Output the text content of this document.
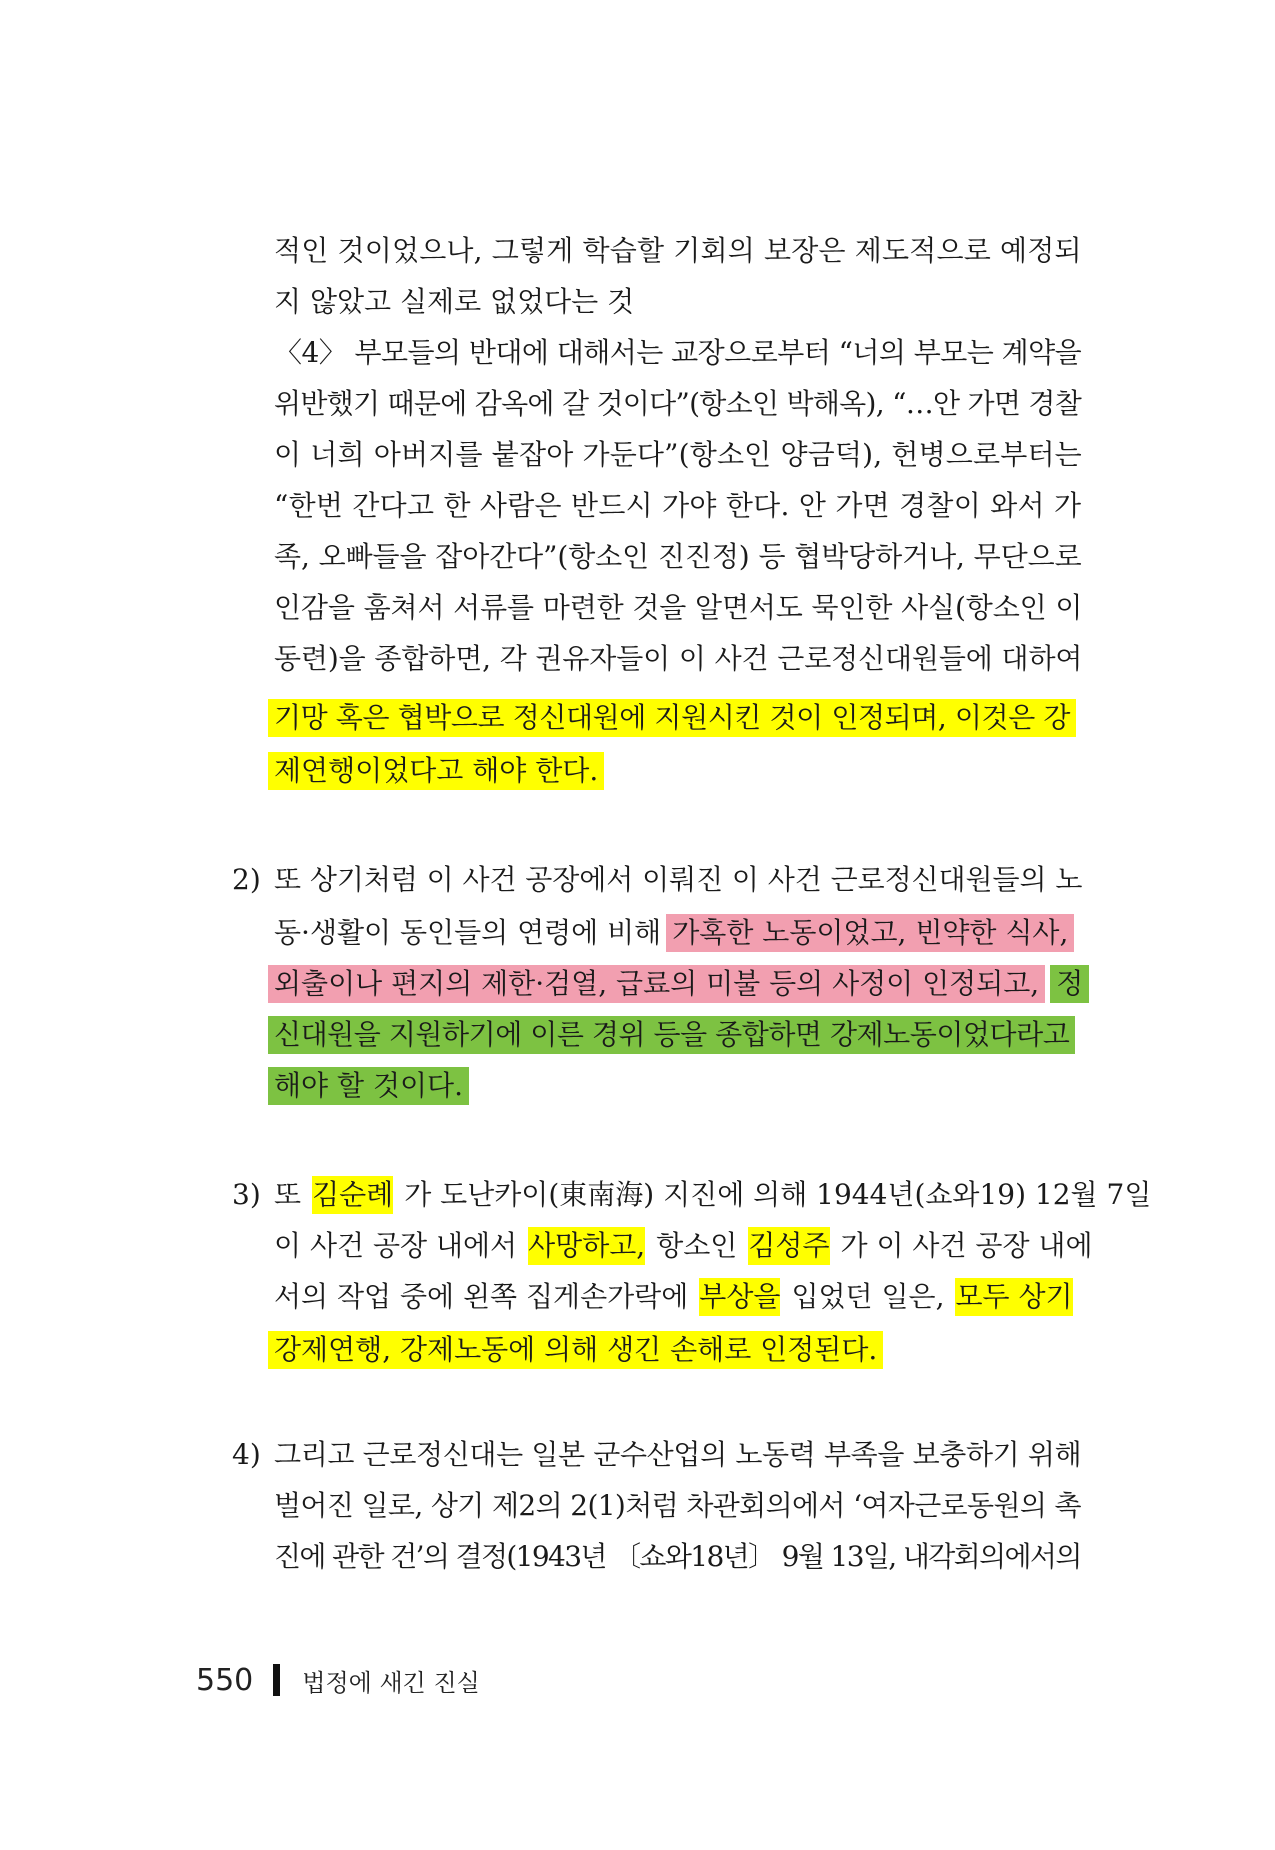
적인 것이었으나, 그렇게 학습할 기회의 보장은 제도적으로 예정되
지 않았고 실제로 없었다는 것
〈4〉 부모들의 반대에 대해서는 교장으로부터 “너의 부모는 계약을
위반했기 때문에 감옥에 갈 것이다”(항소인 박해옥), “…안 가면 경찰
이 너희 아버지를 붙잡아 가둔다”(항소인 양금덕), 헌병으로부터는
“한번 간다고 한 사람은 반드시 가야 한다. 안 가면 경찰이 와서 가
족, 오빠들을 잡아간다”(항소인 진진정) 등 협박당하거나, 무단으로
인감을 훔쳐서 서류를 마련한 것을 알면서도 묵인한 사실(항소인 이
동련)을 종합하면, 각 권유자들이 이 사건 근로정신대원들에 대하여
기망 혹은 협박으로 정신대원에 지원시킨 것이 인정되며, 이것은 강
제연행이었다고 해야 한다.
2) 또 상기처럼 이 사건 공장에서 이뤄진 이 사건 근로정신대원들의 노
동·생활이 동인들의 연령에 비해 가혹한 노동이었고, 빈약한 식사,
외출이나 편지의 제한·검열, 급료의 미불 등의 사정이 인정되고, 정
신대원을 지원하기에 이른 경위 등을 종합하면 강제노동이었다라고
해야 할 것이다.
3) 또 김순례 가 도난카이(東南海) 지진에 의해 1944년(쇼와19) 12월 7일
이 사건 공장 내에서 사망하고, 항소인 김성주 가 이 사건 공장 내에
서의 작업 중에 왼쪽 집게손가락에 부상을 입었던 일은, 모두 상기
강제연행, 강제노동에 의해 생긴 손해로 인정된다.
4) 그리고 근로정신대는 일본 군수산업의 노동력 부족을 보충하기 위해
벌어진 일로, 상기 제2의 2(1)처럼 차관회의에서 ‘여자근로동원의 촉
진에 관한 건’의 결정(1943년 〔쇼와18년〕 9월 13일, 내각회의에서의
550 법정에 새긴 진실
